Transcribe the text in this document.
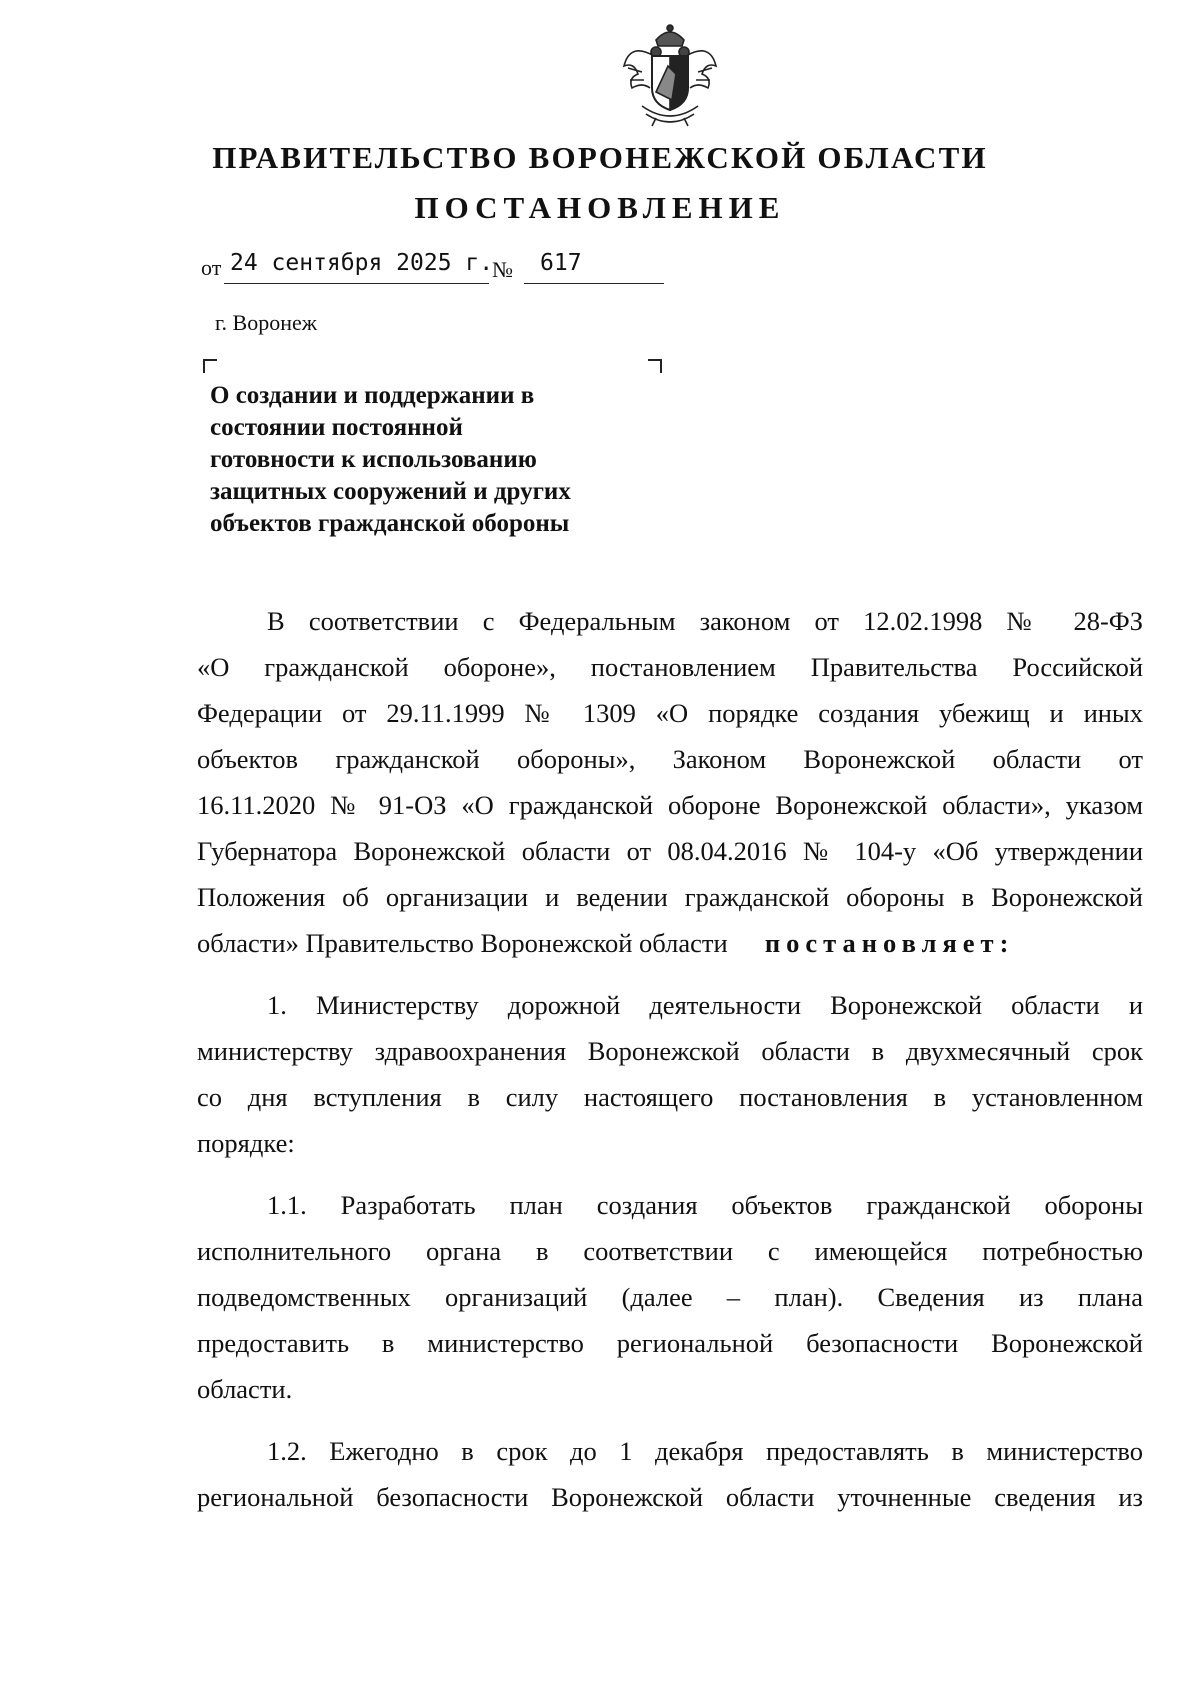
ПРАВИТЕЛЬСТВО ВОРОНЕЖСКОЙ ОБЛАСТИ
ПОСТАНОВЛЕНИЕ
от 24 сентября 2025 г.
№ 617
г. Воронеж
О создании и поддержании в
состоянии постоянной
готовности к использованию
защитных сооружений и других
объектов гражданской обороны
В соответствии с Федеральным законом от 12.02.1998 № 28-ФЗ
«О гражданской обороне», постановлением Правительства Российской
Федерации от 29.11.1999 № 1309 «О порядке создания убежищ и иных
объектов гражданской обороны», Законом Воронежской области от
16.11.2020 № 91-ОЗ «О гражданской обороне Воронежской области», указом
Губернатора Воронежской области от 08.04.2016 № 104-у «Об утверждении
Положения об организации и ведении гражданской обороны в Воронежской
области» Правительство Воронежской области постановляет:
1. Министерству дорожной деятельности Воронежской области и
министерству здравоохранения Воронежской области в двухмесячный срок
со дня вступления в силу настоящего постановления в установленном
порядке:
1.1. Разработать план создания объектов гражданской обороны
исполнительного органа в соответствии с имеющейся потребностью
подведомственных организаций (далее – план). Сведения из плана
предоставить в министерство региональной безопасности Воронежской
области.
1.2. Ежегодно в срок до 1 декабря предоставлять в министерство
региональной безопасности Воронежской области уточненные сведения из
